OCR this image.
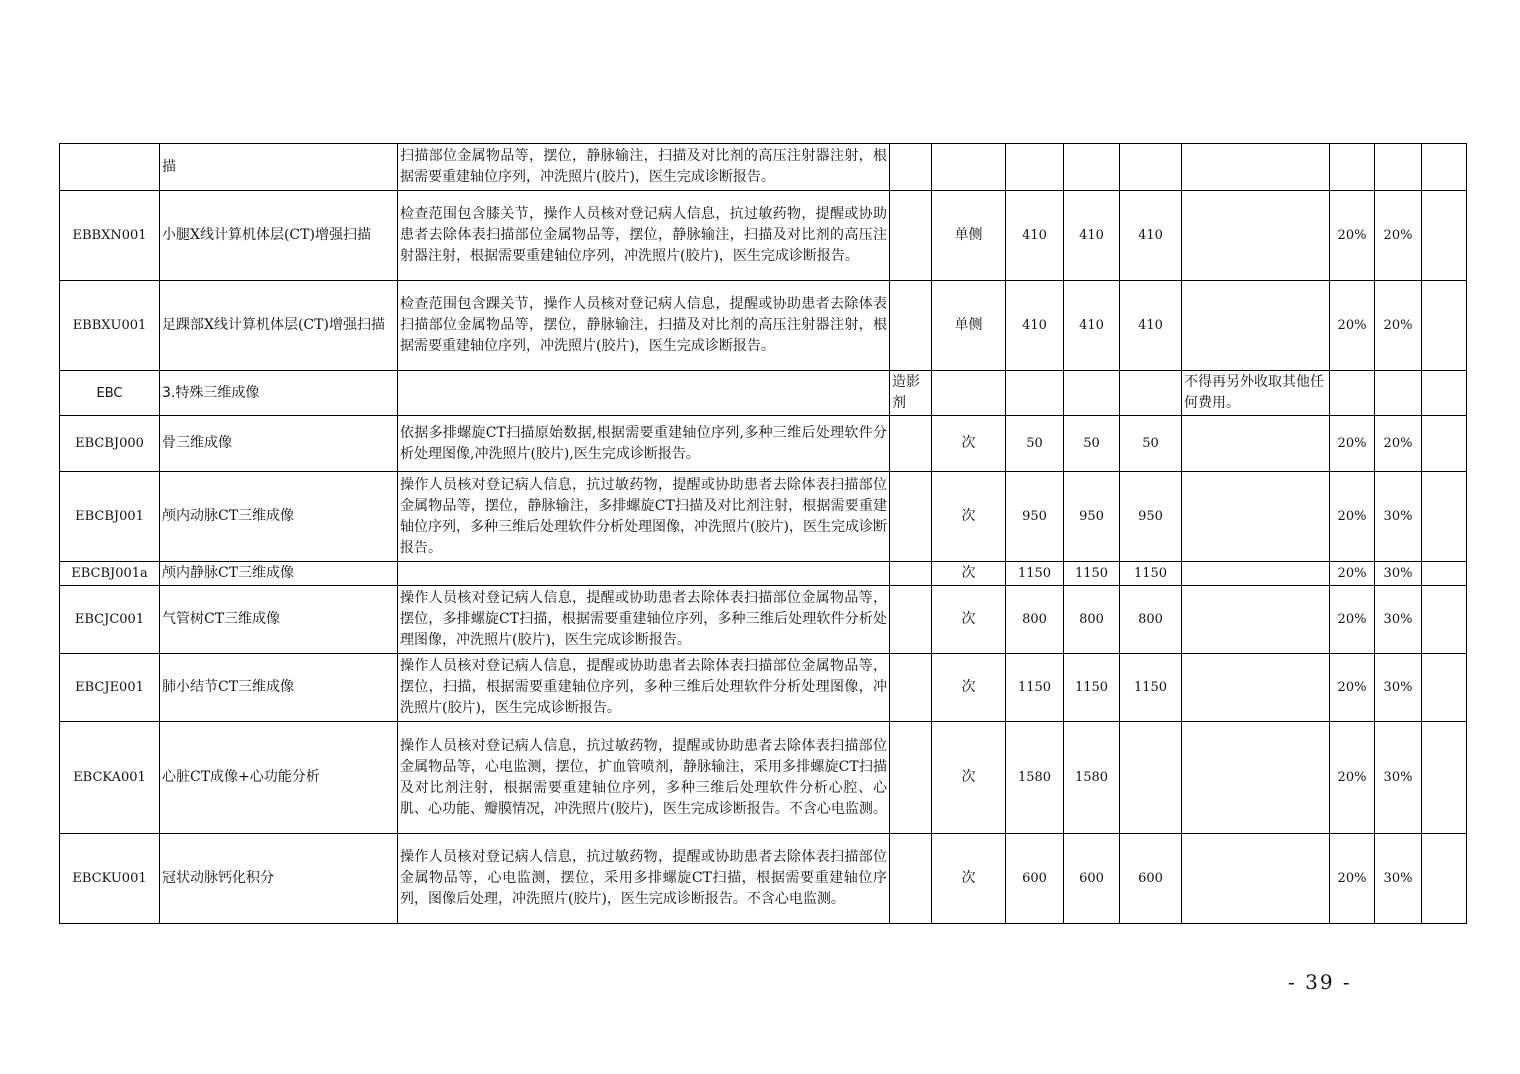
	描	扫描部位金属物品等，摆位，静脉输注，扫描及对比剂的高压注射器注射，根据需要重建轴位序列，冲洗照片(胶片)，医生完成诊断报告。									
EBBXN001	小腿X线计算机体层(CT)增强扫描	检查范围包含膝关节，操作人员核对登记病人信息，抗过敏药物，提醒或协助患者去除体表扫描部位金属物品等，摆位，静脉输注，扫描及对比剂的高压注射器注射，根据需要重建轴位序列，冲洗照片(胶片)，医生完成诊断报告。		单侧	410	410	410		20%	20%	
EBBXU001	足踝部X线计算机体层(CT)增强扫描	检查范围包含踝关节，操作人员核对登记病人信息，提醒或协助患者去除体表扫描部位金属物品等，摆位，静脉输注，扫描及对比剂的高压注射器注射，根据需要重建轴位序列，冲洗照片(胶片)，医生完成诊断报告。		单侧	410	410	410		20%	20%	
EBC	3.特殊三维成像		造影剂					不得再另外收取其他任何费用。			
EBCBJ000	骨三维成像	依据多排螺旋CT扫描原始数据,根据需要重建轴位序列,多种三维后处理软件分析处理图像,冲洗照片(胶片),医生完成诊断报告。		次	50	50	50		20%	20%	
EBCBJ001	颅内动脉CT三维成像	操作人员核对登记病人信息，抗过敏药物，提醒或协助患者去除体表扫描部位金属物品等，摆位，静脉输注，多排螺旋CT扫描及对比剂注射，根据需要重建轴位序列，多种三维后处理软件分析处理图像，冲洗照片(胶片)，医生完成诊断报告。		次	950	950	950		20%	30%	
EBCBJ001a	颅内静脉CT三维成像			次	1150	1150	1150		20%	30%	
EBCJC001	气管树CT三维成像	操作人员核对登记病人信息，提醒或协助患者去除体表扫描部位金属物品等，摆位，多排螺旋CT扫描，根据需要重建轴位序列，多种三维后处理软件分析处理图像，冲洗照片(胶片)，医生完成诊断报告。		次	800	800	800		20%	30%	
EBCJE001	肺小结节CT三维成像	操作人员核对登记病人信息，提醒或协助患者去除体表扫描部位金属物品等，摆位，扫描，根据需要重建轴位序列，多种三维后处理软件分析处理图像，冲洗照片(胶片)，医生完成诊断报告。		次	1150	1150	1150		20%	30%	
EBCKA001	心脏CT成像+心功能分析	操作人员核对登记病人信息，抗过敏药物，提醒或协助患者去除体表扫描部位金属物品等，心电监测，摆位，扩血管喷剂，静脉输注，采用多排螺旋CT扫描及对比剂注射，根据需要重建轴位序列，多种三维后处理软件分析心腔、心肌、心功能、瓣膜情况，冲洗照片(胶片)，医生完成诊断报告。不含心电监测。		次	1580	1580			20%	30%	
EBCKU001	冠状动脉钙化积分	操作人员核对登记病人信息，抗过敏药物，提醒或协助患者去除体表扫描部位金属物品等，心电监测，摆位，采用多排螺旋CT扫描，根据需要重建轴位序列，图像后处理，冲洗照片(胶片)，医生完成诊断报告。不含心电监测。		次	600	600	600		20%	30%	
- 39 -
